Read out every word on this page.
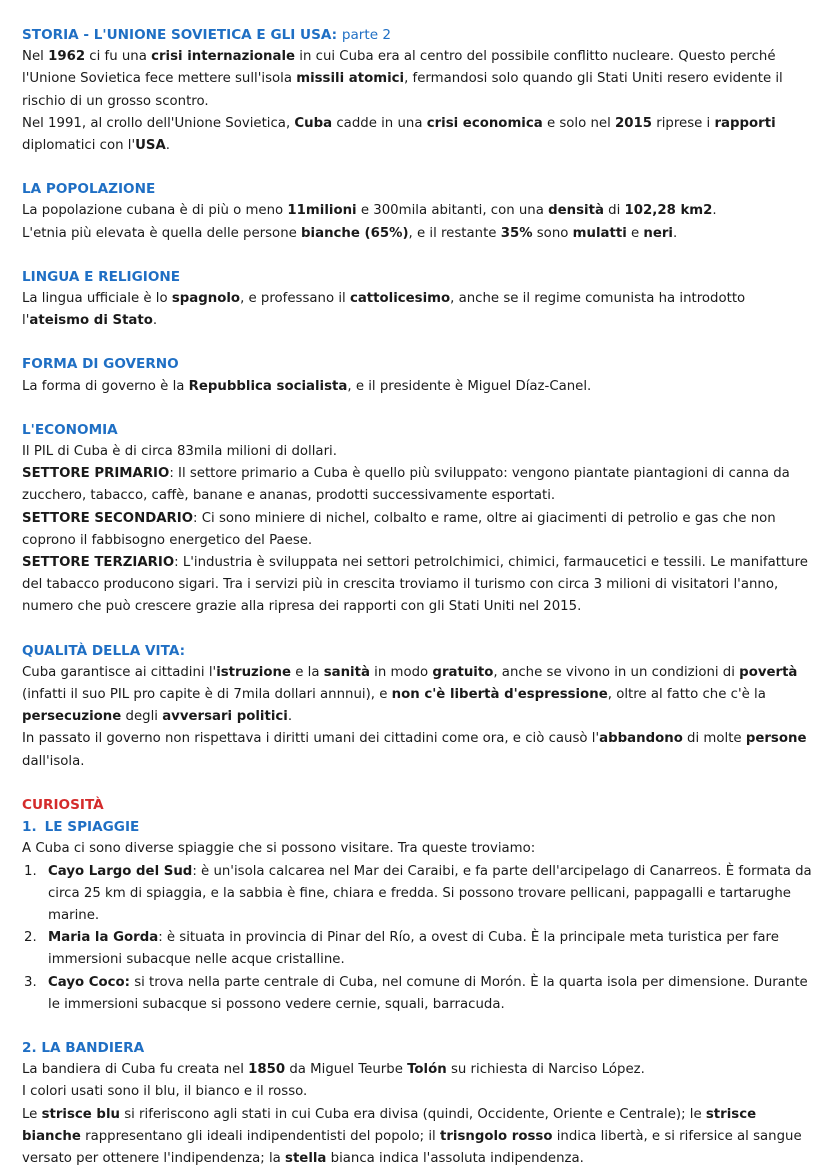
STORIA - L'UNIONE SOVIETICA E GLI USA: parte 2

Nel 1962 ci fu una crisi internazionale in cui Cuba era al centro del possibile conflitto nucleare. Questo perché l'Unione Sovietica fece mettere sull'isola missili atomici, fermandosi solo quando gli Stati Uniti resero evidente il rischio di un grosso scontro.

Nel 1991, al crollo dell'Unione Sovietica, Cuba cadde in una crisi economica e solo nel 2015 riprese i rapporti diplomatici con l'USA.

LA POPOLAZIONE

La popolazione cubana è di più o meno 11milioni e 300mila abitanti, con una densità di 102,28 km2.

L'etnia più elevata è quella delle persone bianche (65%), e il restante 35% sono mulatti e neri.

LINGUA E RELIGIONE

La lingua ufficiale è lo spagnolo, e professano il cattolicesimo, anche se il regime comunista ha introdotto l'ateismo di Stato.

FORMA DI GOVERNO

La forma di governo è la Repubblica socialista, e il presidente è Miguel Díaz-Canel.

L'ECONOMIA

Il PIL di Cuba è di circa 83mila milioni di dollari.

SETTORE PRIMARIO: Il settore primario a Cuba è quello più sviluppato: vengono piantate piantagioni di canna da zucchero, tabacco, caffè, banane e ananas, prodotti successivamente esportati.

SETTORE SECONDARIO: Ci sono miniere di nichel, colbalto e rame, oltre ai giacimenti di petrolio e gas che non coprono il fabbisogno energetico del Paese.

SETTORE TERZIARIO: L'industria è sviluppata nei settori petrolchimici, chimici, farmaucetici e tessili. Le manifatture del tabacco producono sigari. Tra i servizi più in crescita troviamo il turismo con circa 3 milioni di visitatori l'anno, numero che può crescere grazie alla ripresa dei rapporti con gli Stati Uniti nel 2015.

QUALITÀ DELLA VITA:

Cuba garantisce ai cittadini l'istruzione e la sanità in modo gratuito, anche se vivono in un condizioni di povertà (infatti il suo PIL pro capite è di 7mila dollari annnui), e non c'è libertà d'espressione, oltre al fatto che c'è la persecuzione degli avversari politici.

In passato il governo non rispettava i diritti umani dei cittadini come ora, e ciò causò l'abbandono di molte persone dall'isola.

CURIOSITÀ

1. LE SPIAGGIE

A Cuba ci sono diverse spiaggie che si possono visitare. Tra queste troviamo:

1. Cayo Largo del Sud: è un'isola calcarea nel Mar dei Caraibi, e fa parte dell'arcipelago di Canarreos. È formata da circa 25 km di spiaggia, e la sabbia è fine, chiara e fredda. Si possono trovare pellicani, pappagalli e tartarughe marine.
2. Maria la Gorda: è situata in provincia di Pinar del Río, a ovest di Cuba. È la principale meta turistica per fare immersioni subacque nelle acque cristalline.
3. Cayo Coco: si trova nella parte centrale di Cuba, nel comune di Morón. È la quarta isola per dimensione. Durante le immersioni subacque si possono vedere cernie, squali, barracuda.

2. LA BANDIERA

La bandiera di Cuba fu creata nel 1850 da Miguel Teurbe Tolón su richiesta di Narciso López.

I colori usati sono il blu, il bianco e il rosso.

Le strisce blu si riferiscono agli stati in cui Cuba era divisa (quindi, Occidente, Oriente e Centrale); le strisce bianche rappresentano gli ideali indipendentisti del popolo; il trisngolo rosso indica libertà, e si rifersice al sangue versato per ottenere l'indipendenza; la stella bianca indica l'assoluta indipendenza.
